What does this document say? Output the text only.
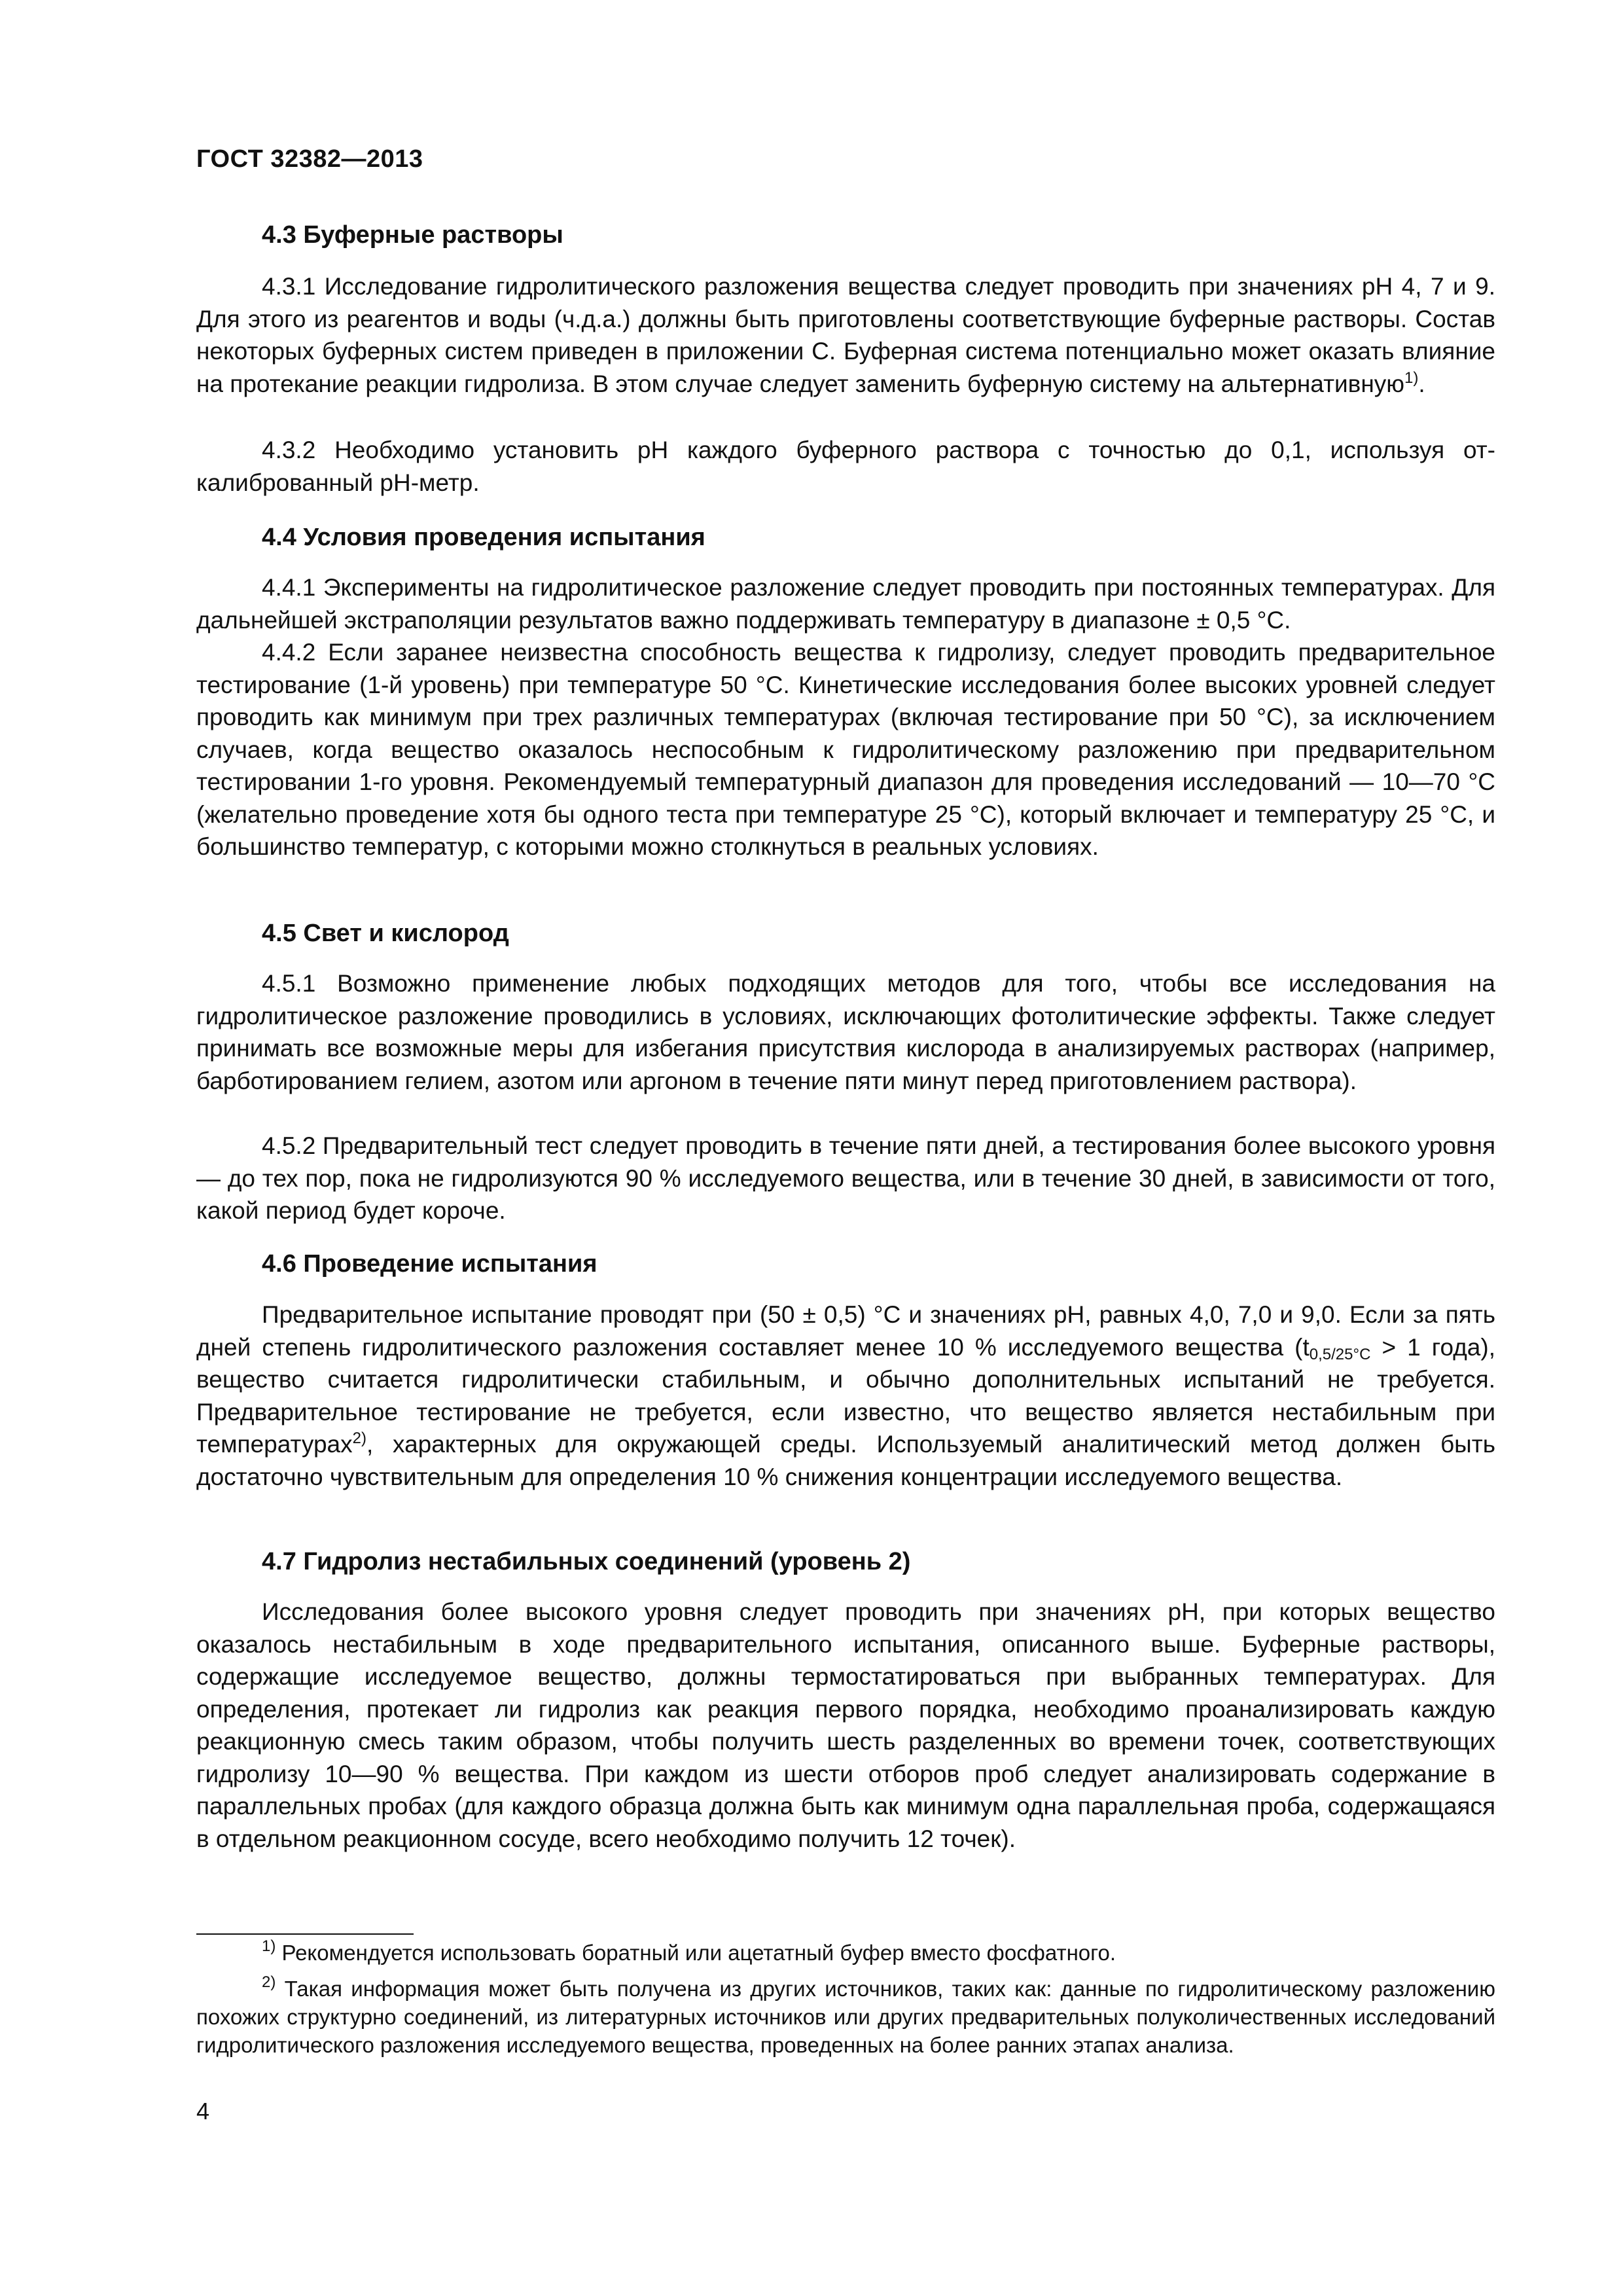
ГОСТ 32382—2013
4.3 Буферные растворы

4.3.1 Исследование гидролитического разложения вещества следует проводить при значениях рН 4, 7 и 9. Для этого из реагентов и воды (ч.д.а.) должны быть приготовлены соответствующие буферные растворы. Состав некоторых буферных систем приведен в приложении С. Буферная система потенциально может оказать влияние на протекание реакции гидролиза. В этом случае следует заменить буферную систему на альтернативную$^{1)}$.

4.3.2 Необходимо установить рН каждого буферного раствора с точностью до 0,1, используя откалиброванный рН-метр.

4.4 Условия проведения испытания

4.4.1 Эксперименты на гидролитическое разложение следует проводить при постоянных температурах. Для дальнейшей экстраполяции результатов важно поддерживать температуру в диапазоне ± 0,5 °С.

4.4.2 Если заранее неизвестна способность вещества к гидролизу, следует проводить предварительное тестирование (1-й уровень) при температуре 50 °С. Кинетические исследования более высоких уровней следует проводить как минимум при трех различных температурах (включая тестирование при 50 °С), за исключением случаев, когда вещество оказалось неспособным к гидролитическому разложению при предварительном тестировании 1-го уровня. Рекомендуемый температурный диапазон для проведения исследований — 10—70 °С (желательно проведение хотя бы одного теста при температуре 25 °С), который включает и температуру 25 °С, и большинство температур, с которыми можно столкнуться в реальных условиях.

4.5 Свет и кислород

4.5.1 Возможно применение любых подходящих методов для того, чтобы все исследования на гидролитическое разложение проводились в условиях, исключающих фотолитические эффекты. Также следует принимать все возможные меры для избегания присутствия кислорода в анализируемых растворах (например, барботированием гелием, азотом или аргоном в течение пяти минут перед приготовлением раствора).

4.5.2 Предварительный тест следует проводить в течение пяти дней, а тестирования более высокого уровня — до тех пор, пока не гидролизуются 90 % исследуемого вещества, или в течение 30 дней, в зависимости от того, какой период будет короче.

4.6 Проведение испытания

Предварительное испытание проводят при (50 ± 0,5) °С и значениях рН, равных 4,0, 7,0 и 9,0. Если за пять дней степень гидролитического разложения составляет менее 10 % исследуемого вещества ($t_{0,5/25^\circ С} > 1$ года), вещество считается гидролитически стабильным, и обычно дополнительных испытаний не требуется. Предварительное тестирование не требуется, если известно, что вещество является нестабильным при температурах$^{2)}$, характерных для окружающей среды. Используемый аналитический метод должен быть достаточно чувствительным для определения 10 % снижения концентрации исследуемого вещества.

4.7 Гидролиз нестабильных соединений (уровень 2)

Исследования более высокого уровня следует проводить при значениях рН, при которых вещество оказалось нестабильным в ходе предварительного испытания, описанного выше. Буферные растворы, содержащие исследуемое вещество, должны термостатироваться при выбранных температурах. Для определения, протекает ли гидролиз как реакция первого порядка, необходимо проанализировать каждую реакционную смесь таким образом, чтобы получить шесть разделенных во времени точек, соответствующих гидролизу 10—90 % вещества. При каждом из шести отборов проб следует анализировать содержание в параллельных пробах (для каждого образца должна быть как минимум одна параллельная проба, содержащаяся в отдельном реакционном сосуде, всего необходимо получить 12 точек).

$^{1)}$ Рекомендуется использовать боратный или ацетатный буфер вместо фосфатного.

$^{2)}$ Такая информация может быть получена из других источников, таких как: данные по гидролитическому разложению похожих структурно соединений, из литературных источников или других предварительных полуколичественных исследований гидролитического разложения исследуемого вещества, проведенных на более ранних этапах анализа.

4
